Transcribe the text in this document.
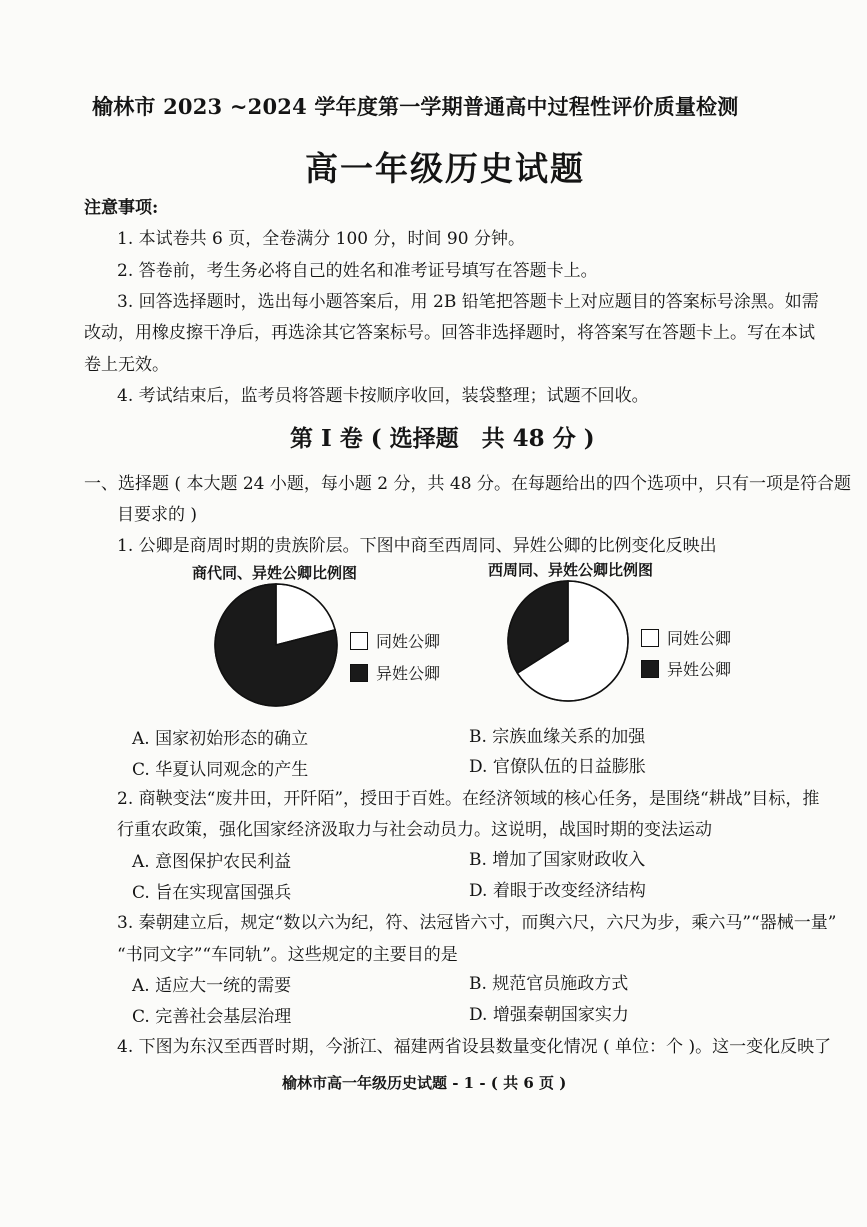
榆林市 2023 ~2024 学年度第一学期普通高中过程性评价质量检测
高一年级历史试题
注意事项:
1. 本试卷共 6 页，全卷满分 100 分，时间 90 分钟。
2. 答卷前，考生务必将自己的姓名和准考证号填写在答题卡上。
3. 回答选择题时，选出每小题答案后，用 2B 铅笔把答题卡上对应题目的答案标号涂黑。如需
改动，用橡皮擦干净后，再选涂其它答案标号。回答非选择题时，将答案写在答题卡上。写在本试
卷上无效。
4. 考试结束后，监考员将答题卡按顺序收回，装袋整理；试题不回收。
第 Ⅰ 卷 ( 选择题　共 48 分 )
一、选择题 ( 本大题 24 小题，每小题 2 分，共 48 分。在每题给出的四个选项中，只有一项是符合题
目要求的 )
1. 公卿是商周时期的贵族阶层。下图中商至西周同、异姓公卿的比例变化反映出
商代同、异姓公卿比例图
同姓公卿
异姓公卿
西周同、异姓公卿比例图
同姓公卿
异姓公卿
A. 国家初始形态的确立	B. 宗族血缘关系的加强
C. 华夏认同观念的产生	D. 官僚队伍的日益膨胀
2. 商鞅变法“废井田，开阡陌”，授田于百姓。在经济领域的核心任务，是围绕“耕战”目标，推
行重农政策，强化国家经济汲取力与社会动员力。这说明，战国时期的变法运动
A. 意图保护农民利益	B. 增加了国家财政收入
C. 旨在实现富国强兵	D. 着眼于改变经济结构
3. 秦朝建立后，规定“数以六为纪，符、法冠皆六寸，而舆六尺，六尺为步，乘六马”“器械一量”
“书同文字”“车同轨”。这些规定的主要目的是
A. 适应大一统的需要	B. 规范官员施政方式
C. 完善社会基层治理	D. 增强秦朝国家实力
4. 下图为东汉至西晋时期，今浙江、福建两省设县数量变化情况 ( 单位：个 )。这一变化反映了
榆林市高一年级历史试题 - 1 - ( 共 6 页 )
